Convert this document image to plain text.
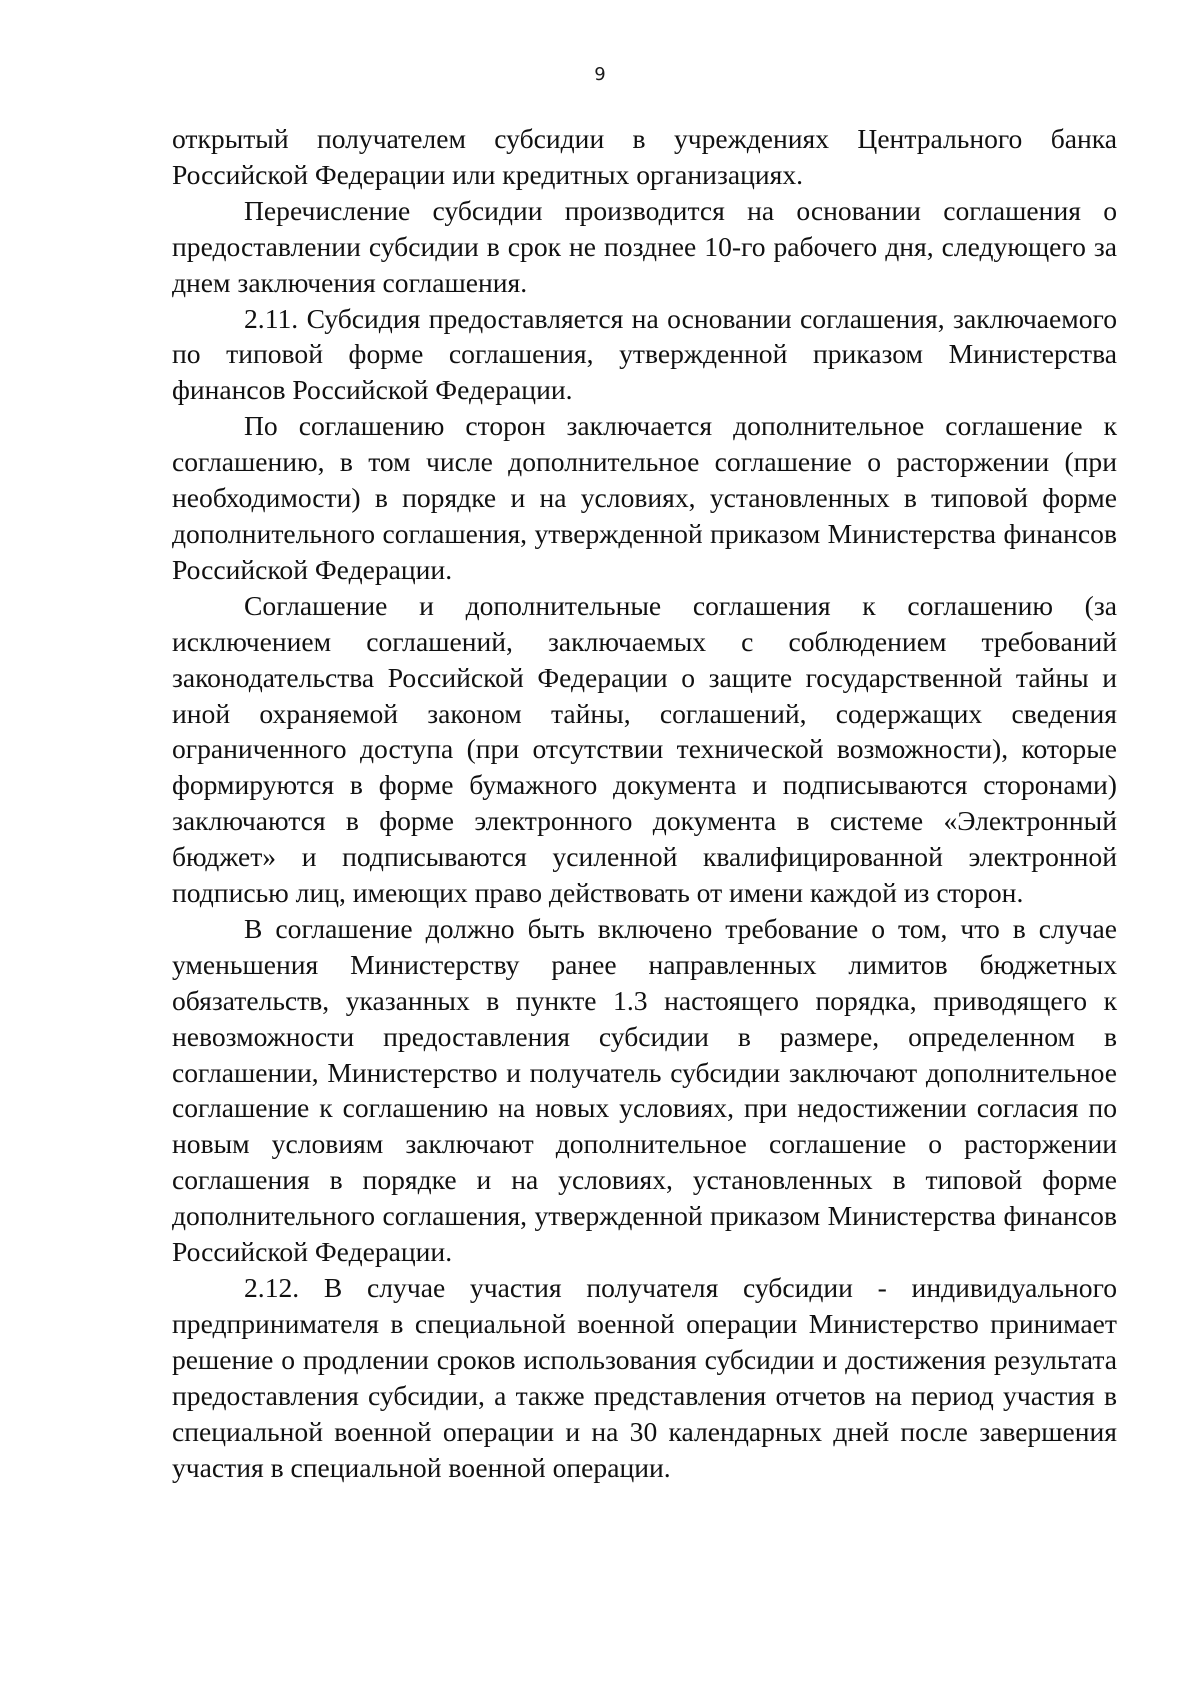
9

открытый получателем субсидии в учреждениях Центрального банка Российской Федерации или кредитных организациях.

Перечисление субсидии производится на основании соглашения о предоставлении субсидии в срок не позднее 10-го рабочего дня, следующего за днем заключения соглашения.

2.11. Субсидия предоставляется на основании соглашения, заключаемого по типовой форме соглашения, утвержденной приказом Министерства финансов Российской Федерации.

По соглашению сторон заключается дополнительное соглашение к соглашению, в том числе дополнительное соглашение о расторжении (при необходимости) в порядке и на условиях, установленных в типовой форме дополнительного соглашения, утвержденной приказом Министерства финансов Российской Федерации.

Соглашение и дополнительные соглашения к соглашению (за исключением соглашений, заключаемых с соблюдением требований законодательства Российской Федерации о защите государственной тайны и иной охраняемой законом тайны, соглашений, содержащих сведения ограниченного доступа (при отсутствии технической возможности), которые формируются в форме бумажного документа и подписываются сторонами) заключаются в форме электронного документа в системе «Электронный бюджет» и подписываются усиленной квалифицированной электронной подписью лиц, имеющих право действовать от имени каждой из сторон.

В соглашение должно быть включено требование о том, что в случае уменьшения Министерству ранее направленных лимитов бюджетных обязательств, указанных в пункте 1.3 настоящего порядка, приводящего к невозможности предоставления субсидии в размере, определенном в соглашении, Министерство и получатель субсидии заключают дополнительное соглашение к соглашению на новых условиях, при недостижении согласия по новым условиям заключают дополнительное соглашение о расторжении соглашения в порядке и на условиях, установленных в типовой форме дополнительного соглашения, утвержденной приказом Министерства финансов Российской Федерации.

2.12. В случае участия получателя субсидии - индивидуального предпринимателя в специальной военной операции Министерство принимает решение о продлении сроков использования субсидии и достижения результата предоставления субсидии, а также представления отчетов на период участия в специальной военной операции и на 30 календарных дней после завершения участия в специальной военной операции.
